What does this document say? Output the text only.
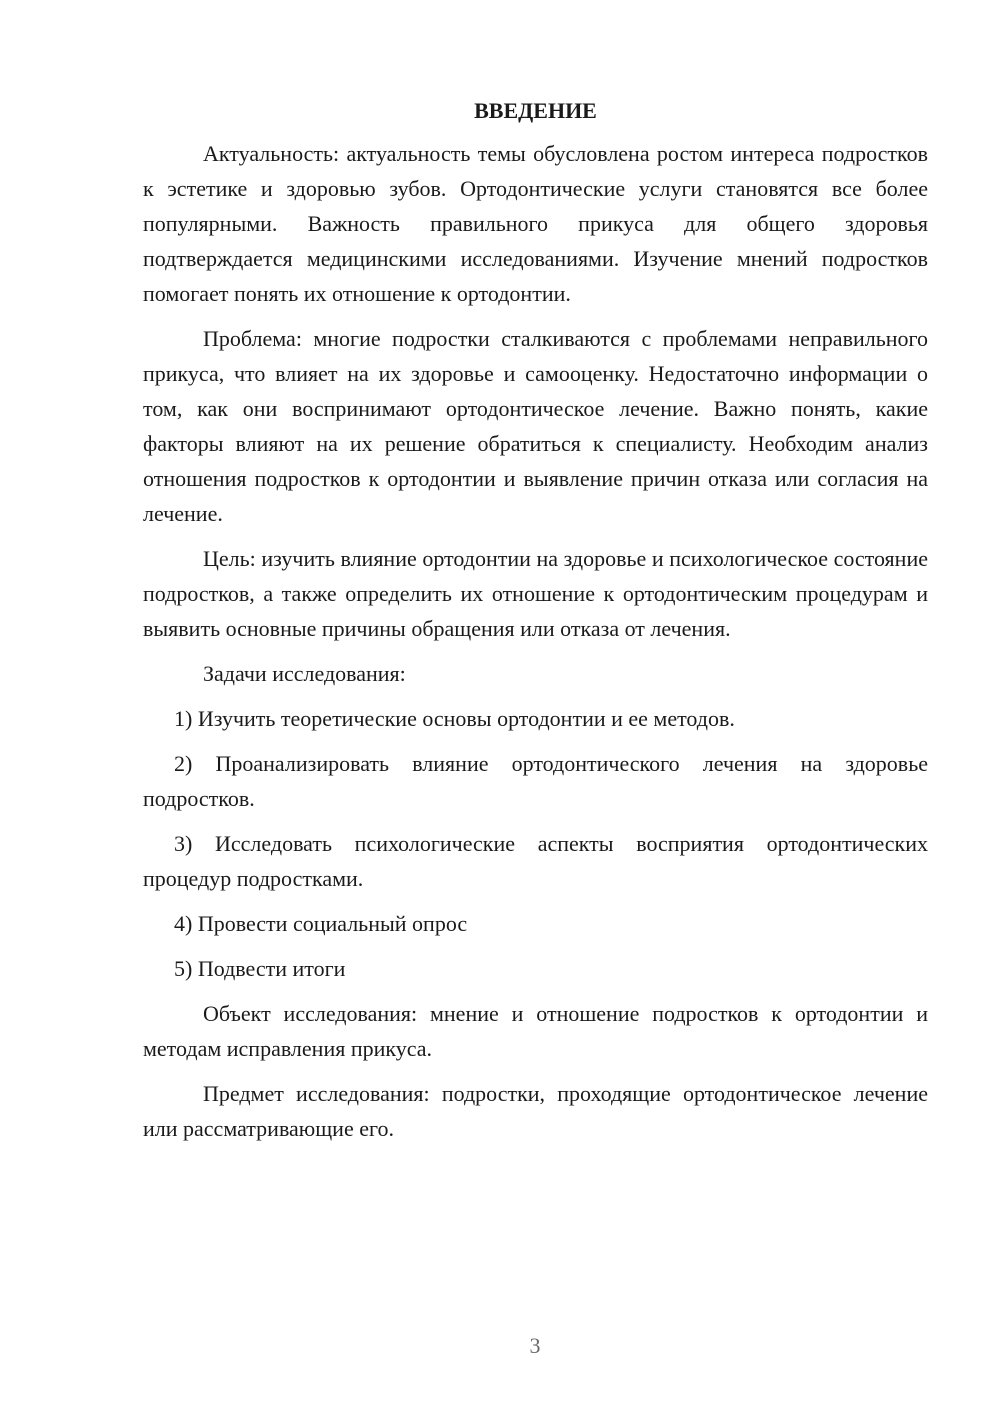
ВВЕДЕНИЕ

Актуальность: актуальность темы обусловлена ростом интереса подростков к эстетике и здоровью зубов. Ортодонтические услуги становятся все более популярными. Важность правильного прикуса для общего здоровья подтверждается медицинскими исследованиями. Изучение мнений подростков помогает понять их отношение к ортодонтии.

Проблема: многие подростки сталкиваются с проблемами неправильного прикуса, что влияет на их здоровье и самооценку. Недостаточно информации о том, как они воспринимают ортодонтическое лечение. Важно понять, какие факторы влияют на их решение обратиться к специалисту. Необходим анализ отношения подростков к ортодонтии и выявление причин отказа или согласия на лечение.

Цель: изучить влияние ортодонтии на здоровье и психологическое состояние подростков, а также определить их отношение к ортодонтическим процедурам и выявить основные причины обращения или отказа от лечения.

Задачи исследования:

1) Изучить теоретические основы ортодонтии и ее методов.

2) Проанализировать влияние ортодонтического лечения на здоровье подростков.

3) Исследовать психологические аспекты восприятия ортодонтических процедур подростками.

4) Провести социальный опрос

5) Подвести итоги

Объект исследования: мнение и отношение подростков к ортодонтии и методам исправления прикуса.

Предмет исследования: подростки, проходящие ортодонтическое лечение или рассматривающие его.

3
